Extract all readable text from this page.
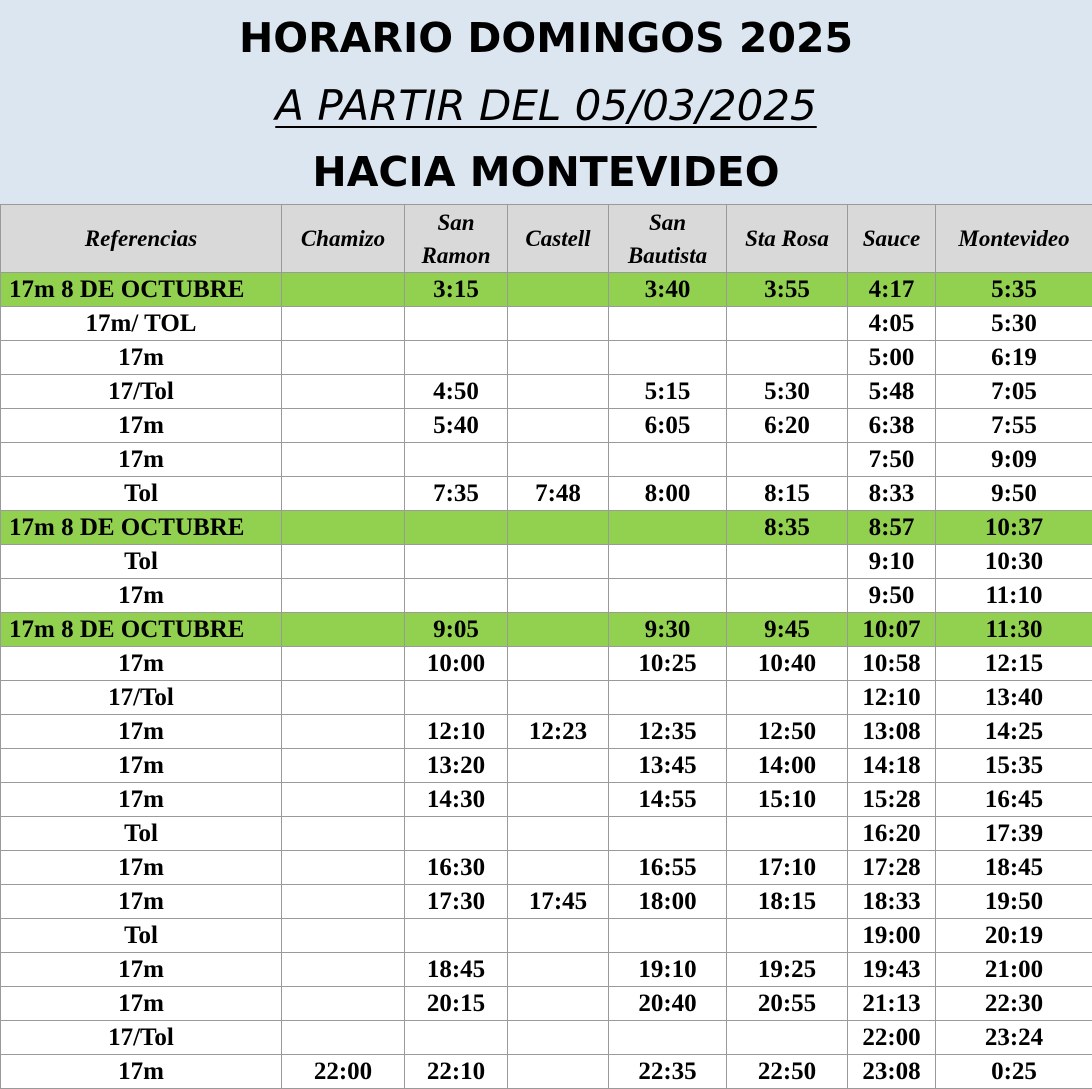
HORARIO DOMINGOS 2025
A PARTIR DEL 05/03/2025
HACIA MONTEVIDEO
Referencias	Chamizo	San Ramon	Castell	San Bautista	Sta Rosa	Sauce	Montevideo
17m 8 DE OCTUBRE		3:15		3:40	3:55	4:17	5:35
17m/ TOL						4:05	5:30
17m						5:00	6:19
17/Tol		4:50		5:15	5:30	5:48	7:05
17m		5:40		6:05	6:20	6:38	7:55
17m						7:50	9:09
Tol		7:35	7:48	8:00	8:15	8:33	9:50
17m 8 DE OCTUBRE					8:35	8:57	10:37
Tol						9:10	10:30
17m						9:50	11:10
17m 8 DE OCTUBRE		9:05		9:30	9:45	10:07	11:30
17m		10:00		10:25	10:40	10:58	12:15
17/Tol						12:10	13:40
17m		12:10	12:23	12:35	12:50	13:08	14:25
17m		13:20		13:45	14:00	14:18	15:35
17m		14:30		14:55	15:10	15:28	16:45
Tol						16:20	17:39
17m		16:30		16:55	17:10	17:28	18:45
17m		17:30	17:45	18:00	18:15	18:33	19:50
Tol						19:00	20:19
17m		18:45		19:10	19:25	19:43	21:00
17m		20:15		20:40	20:55	21:13	22:30
17/Tol						22:00	23:24
17m	22:00	22:10		22:35	22:50	23:08	0:25
